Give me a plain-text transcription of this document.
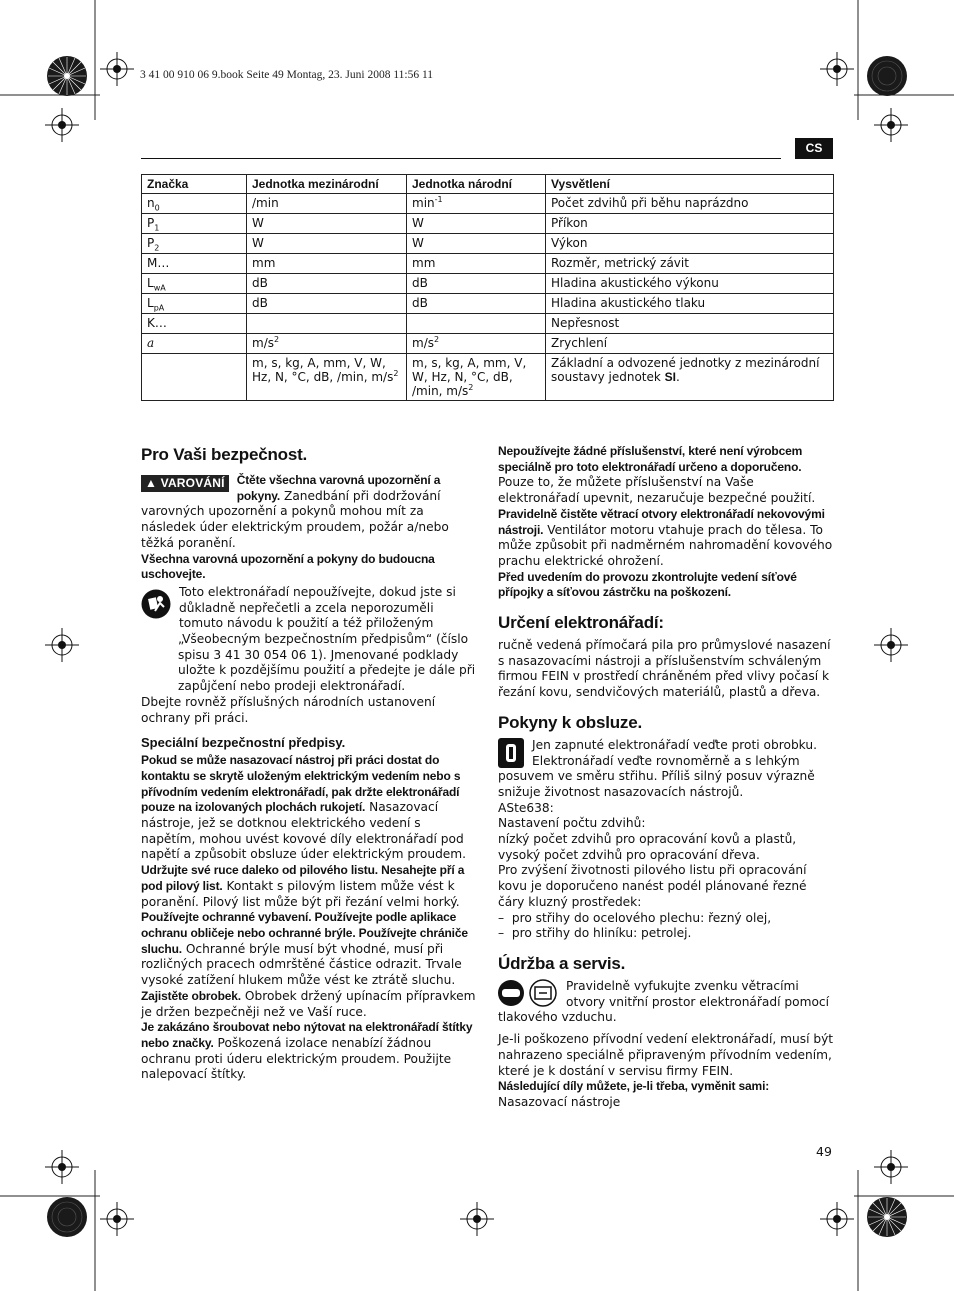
3 41 00 910 06 9.book Seite 49 Montag, 23. Juni 2008 11:56 11
CS
Značka	Jednotka mezinárodní	Jednotka národní	Vysvětlení
$n_0$	/min	$\min^{-1}$	Počet zdvihů při běhu naprázdno
$P_1$	W	W	Příkon
$P_2$	W	W	Výkon
M…	mm	mm	Rozměr, metrický závit
$L_{wA}$	dB	dB	Hladina akustického výkonu
$L_{pA}$	dB	dB	Hladina akustického tlaku
K…			Nepřesnost
a	$m/s^2$	$m/s^2$	Zrychlení
	m, s, kg, A, mm, V, W, Hz, N, °C, dB, /min, $m/s^2$	m, s, kg, A, mm, V, W, Hz, N, °C, dB, /min, $m/s^2$	Základní a odvozené jednotky z mezinárodní soustavy jednotek SI.
Pro Vaši bezpečnost.
▲ VAROVÁNÍ	Čtěte všechna varovná upozornění a pokyny. Zanedbání při dodržování varovných upozornění a pokynů mohou mít za následek úder elektrickým proudem, požár a/nebo těžká poranění.

Všechna varovná upozornění a pokyny do budoucna uschovejte.

Toto elektronářadí nepoužívejte, dokud jste si důkladně nepřečetli a zcela neporozuměli tomuto návodu k použití a též přiloženým „Všeobecným bezpečnostním předpisům“ (číslo spisu 3 41 30 054 06 1). Jmenované podklady uložte k pozdějšímu použití a předejte je dále při zapůjčení nebo prodeji elektronářadí.

Dbejte rovněž příslušných národních ustanovení ochrany při práci.

Speciální bezpečnostní předpisy.

Pokud se může nasazovací nástroj při práci dostat do kontaktu se skrytě uloženým elektrickým vedením nebo s přívodním vedením elektronářadí, pak držte elektronářadí pouze na izolovaných plochách rukojetí. Nasazovací nástroje, jež se dotknou elektrického vedení s napětím, mohou uvést kovové díly elektronářadí pod napětí a způsobit obsluze úder elektrickým proudem.

Udržujte své ruce daleko od pilového listu. Nesahejte pří a pod pilový list. Kontakt s pilovým listem může vést k poranění. Pilový list může být při řezání velmi horký.

Používejte ochranné vybavení. Používejte podle aplikace ochranu obličeje nebo ochranné brýle. Používejte chrániče sluchu. Ochranné brýle musí být vhodné, musí při rozličných pracech odmrštěné částice odrazit. Trvale vysoké zatížení hlukem může vést ke ztrátě sluchu.

Zajistěte obrobek. Obrobek držený upínacím přípravkem je držen bezpečněji než ve Vaší ruce.

Je zakázáno šroubovat nebo nýtovat na elektronářadí štítky nebo značky. Poškozená izolace nenabízí žádnou ochranu proti úderu elektrickým proudem. Použijte nalepovací štítky.

Nepoužívejte žádné příslušenství, které není výrobcem speciálně pro toto elektronářadí určeno a doporučeno.

Pouze to, že můžete příslušenství na Vaše elektronářadí upevnit, nezaručuje bezpečné použití.

Pravidelně čistěte větrací otvory elektronářadí nekovovými nástroji. Ventilátor motoru vtahuje prach do tělesa. To může způsobit při nadměrném nahromadění kovového prachu elektrické ohrožení.

Před uvedením do provozu zkontrolujte vedení síťové přípojky a síťovou zástrčku na poškození.

Určení elektronářadí:

ručně vedená přímočará pila pro průmyslové nasazení s nasazovacími nástroji a příslušenstvím schváleným firmou FEIN v prostředí chráněném před vlivy počasí k řezání kovu, sendvičových materiálů, plastů a dřeva.

Pokyny k obsluze.

Jen zapnuté elektronářadí veďte proti obrobku. Elektronářadí veďte rovnoměrně a s lehkým posuvem ve směru střihu. Příliš silný posuv výrazně snižuje životnost nasazovacích nástrojů.

ASte638:

Nastavení počtu zdvihů:

nízký počet zdvihů pro opracování kovů a plastů, vysoký počet zdvihů pro opracování dřeva.

Pro zvýšení životnosti pilového listu při opracování kovu je doporučeno nanést podél plánované řezné čáry kluzný prostředek:

–  pro střihy do ocelového plechu: řezný olej,

–  pro střihy do hliníku: petrolej.

Údržba a servis.

Pravidelně vyfukujte zvenku větracími otvory vnitřní prostor elektronářadí pomocí tlakového vzduchu.

Je-li poškozeno přívodní vedení elektronářadí, musí být nahrazeno speciálně připraveným přívodním vedením, které je k dostání v servisu firmy FEIN.

Následující díly můžete, je-li třeba, vyměnit sami:

Nasazovací nástroje

49
